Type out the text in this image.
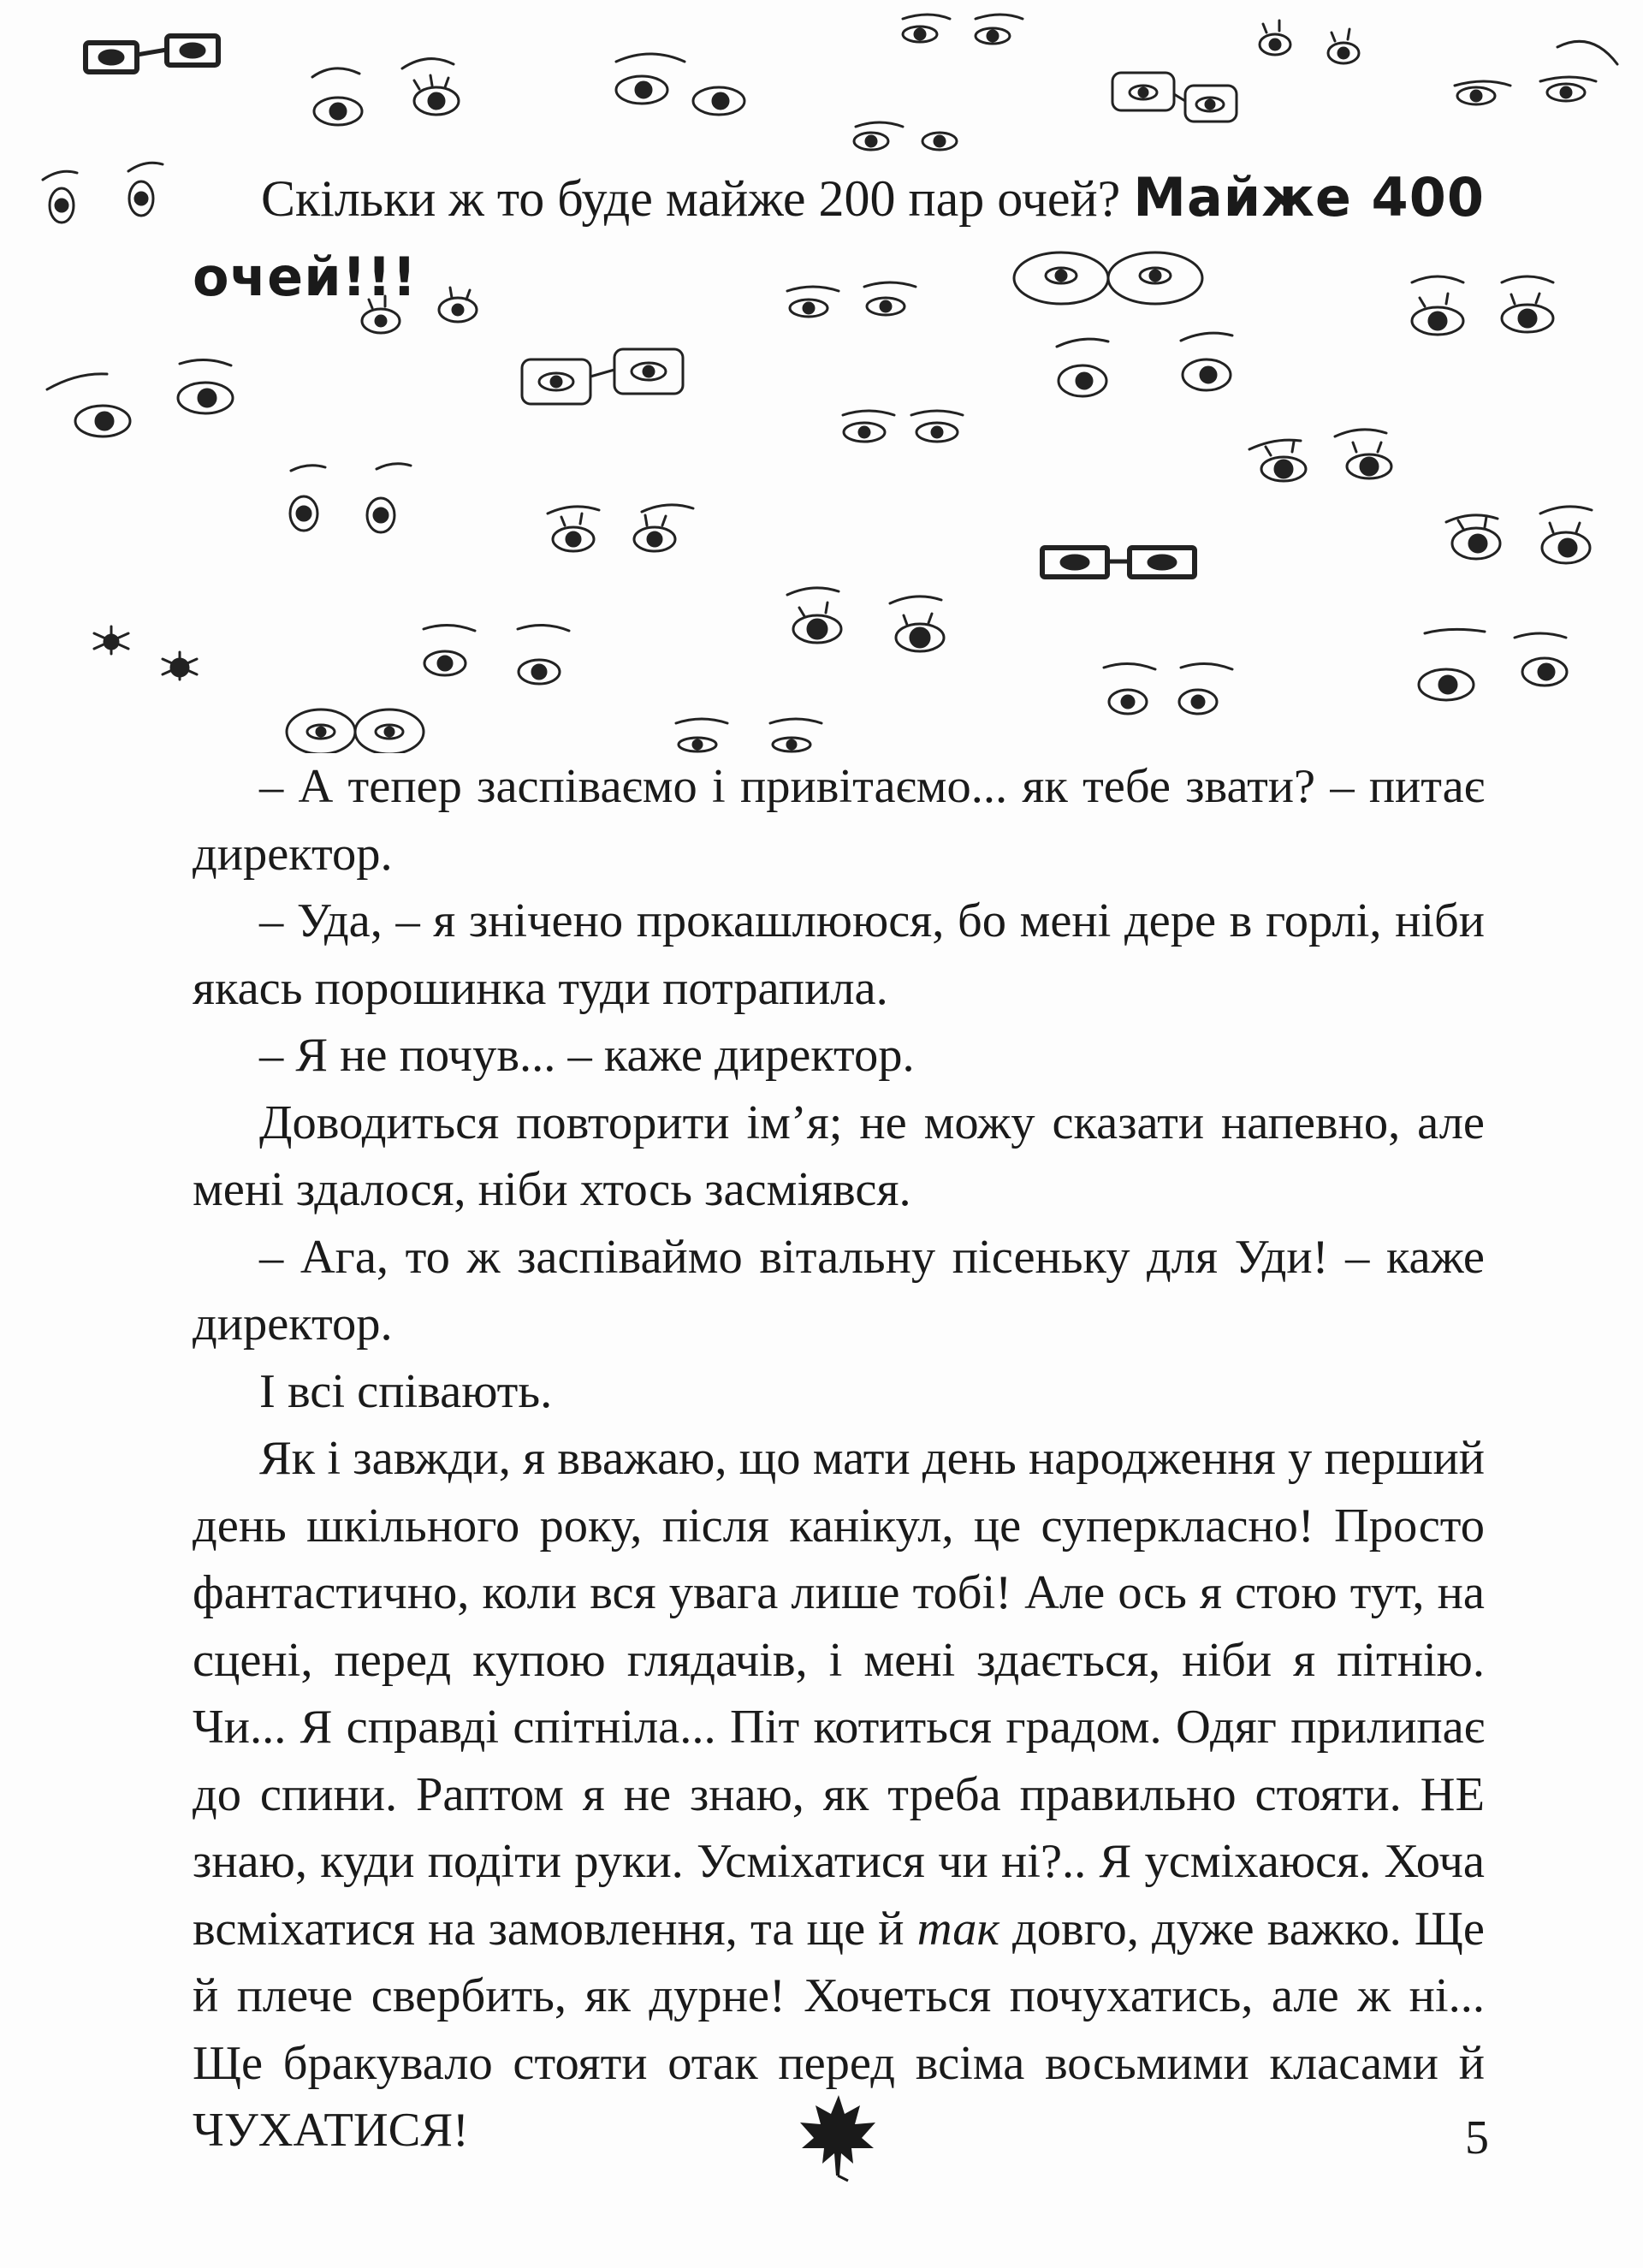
Скільки ж то буде майже 200 пар очей? Майже 400 очей!!!

– А тепер заспіваємо і привітаємо... як тебе звати? – питає директор.

– Уда, – я знічено прокашлююся, бо мені дере в горлі, ніби якась порошинка туди потрапила.

– Я не почув... – каже директор.

Доводиться повторити ім’я; не можу сказати напевно, але мені здалося, ніби хтось засміявся.

– Ага, то ж заспіваймо вітальну пісеньку для Уди! – каже директор.

І всі співають.

Як і завжди, я вважаю, що мати день народження у перший день шкільного року, після канікул, це суперкласно! Просто фантастично, коли вся увага лише тобі! Але ось я стою тут, на сцені, перед купою глядачів, і мені здається, ніби я пітнію. Чи... Я справді спітніла... Піт котиться градом. Одяг прилипає до спини. Раптом я не знаю, як треба правильно стояти. НЕ знаю, куди подіти руки. Усміхатися чи ні?.. Я усміхаюся. Хоча всміхатися на замовлення, та ще й так довго, дуже важко. Ще й плече свербить, як дурне! Хочеться почухатись, але ж ні... Ще бракувало стояти отак перед всіма восьмими класами й ЧУХАТИСЯ!	5
